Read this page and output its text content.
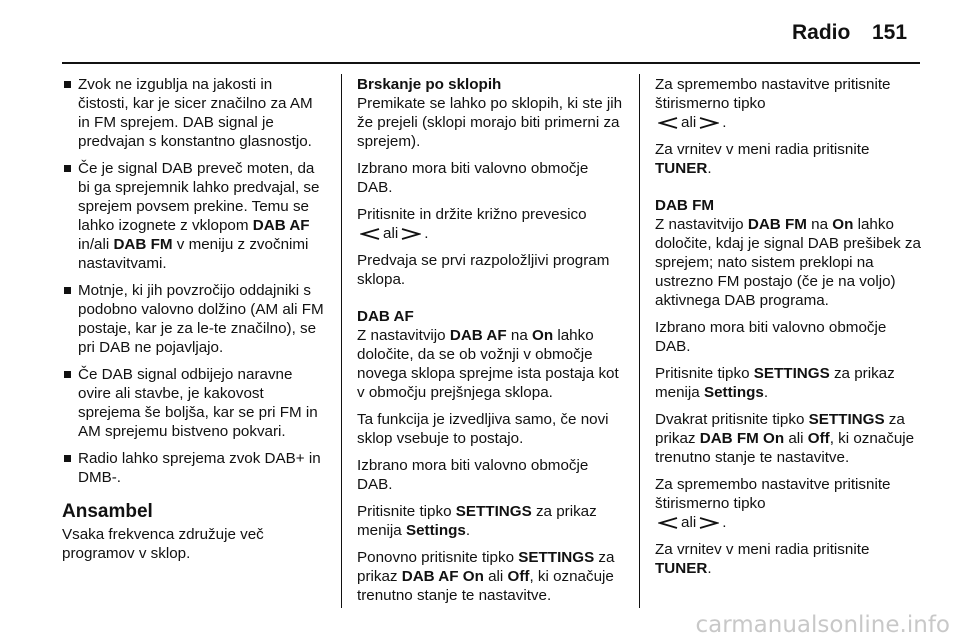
Radio 151
Zvok ne izgublja na jakosti in čistosti, kar je sicer značilno za AM in FM sprejem. DAB signal je predvajan s konstantno glasnostjo.
Če je signal DAB preveč moten, da bi ga sprejemnik lahko predvajal, se sprejem povsem prekine. Temu se lahko izognete z vklopom DAB AF in/ali DAB FM v meniju z zvočnimi nastavitvami.
Motnje, ki jih povzročijo oddajniki s podobno valovno dolžino (AM ali FM postaje, kar je za le-te značilno), se pri DAB ne pojavljajo.
Če DAB signal odbijejo naravne ovire ali stavbe, je kakovost sprejema še boljša, kar se pri FM in AM sprejemu bistveno pokvari.
Radio lahko sprejema zvok DAB+ in DMB-.
Ansambel

Vsaka frekvenca združuje več programov v sklop.

Brskanje po sklopih

Premikate se lahko po sklopih, ki ste jih že prejeli (sklopi morajo biti primerni za sprejem).

Izbrano mora biti valovno območje DAB.

Pritisnite in držite križno prevesico
ali .

Predvaja se prvi razpoložljivi program sklopa.

DAB AF

Z nastavitvijo DAB AF na On lahko določite, da se ob vožnji v območje novega sklopa sprejme ista postaja kot v območju prejšnjega sklopa.

Ta funkcija je izvedljiva samo, če novi sklop vsebuje to postajo.

Izbrano mora biti valovno območje DAB.

Pritisnite tipko SETTINGS za prikaz menija Settings.

Ponovno pritisnite tipko SETTINGS za prikaz DAB AF On ali Off, ki označuje trenutno stanje te nastavitve.

Za spremembo nastavitve pritisnite štirismerno tipko
ali .

Za vrnitev v meni radia pritisnite TUNER.

DAB FM

Z nastavitvijo DAB FM na On lahko določite, kdaj je signal DAB prešibek za sprejem; nato sistem preklopi na ustrezno FM postajo (če je na voljo) aktivnega DAB programa.

Izbrano mora biti valovno območje DAB.

Pritisnite tipko SETTINGS za prikaz menija Settings.

Dvakrat pritisnite tipko SETTINGS za prikaz DAB FM On ali Off, ki označuje trenutno stanje te nastavitve.

Za spremembo nastavitve pritisnite štirismerno tipko
ali .

Za vrnitev v meni radia pritisnite TUNER.

carmanualsonline.info
